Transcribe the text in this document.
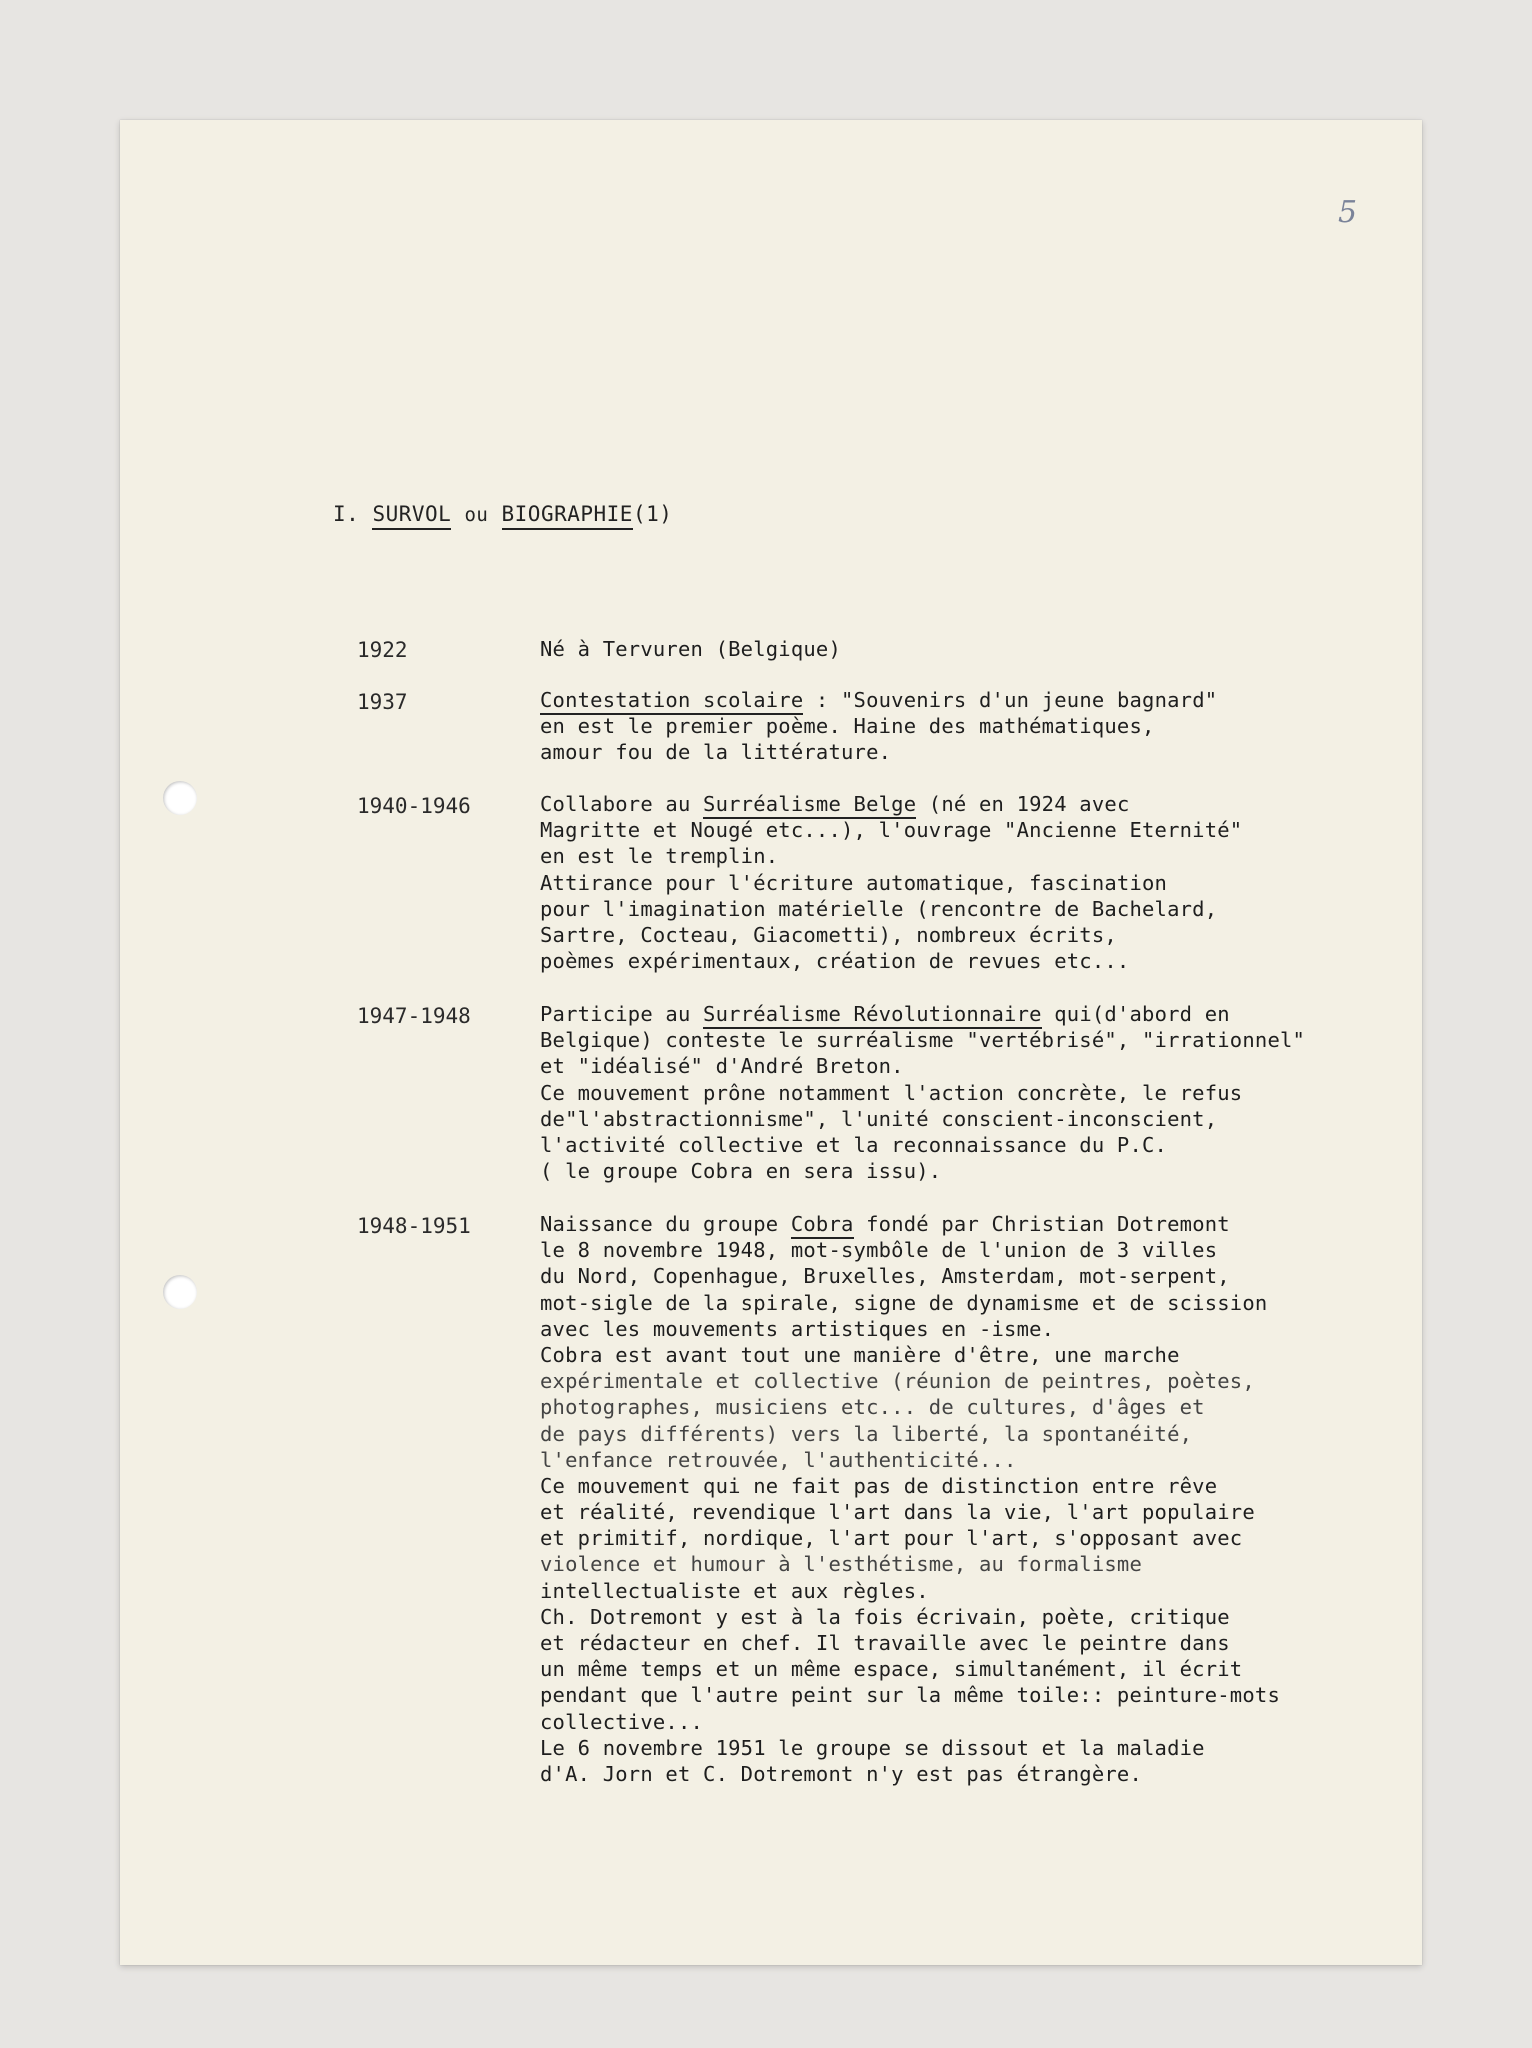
5
I. SURVOL ou BIOGRAPHIE(1)
1922	Né à Tervuren (Belgique)
1937	Contestation scolaire : "Souvenirs d'un jeune bagnard"
en est le premier poème. Haine des mathématiques,
amour fou de la littérature.
1940-1946	Collabore au Surréalisme Belge (né en 1924 avec
Magritte et Nougé etc...), l'ouvrage "Ancienne Eternité"
en est le tremplin.
Attirance pour l'écriture automatique, fascination
pour l'imagination matérielle (rencontre de Bachelard,
Sartre, Cocteau, Giacometti), nombreux écrits,
poèmes expérimentaux, création de revues etc...
1947-1948	Participe au Surréalisme Révolutionnaire qui(d'abord en
Belgique) conteste le surréalisme "vertébrisé", "irrationnel"
et "idéalisé" d'André Breton.
Ce mouvement prône notamment l'action concrète, le refus
de"l'abstractionnisme", l'unité conscient-inconscient,
l'activité collective et la reconnaissance du P.C.
( le groupe Cobra en sera issu).
1948-1951	Naissance du groupe Cobra fondé par Christian Dotremont
le 8 novembre 1948, mot-symbôle de l'union de 3 villes
du Nord, Copenhague, Bruxelles, Amsterdam, mot-serpent,
mot-sigle de la spirale, signe de dynamisme et de scission
avec les mouvements artistiques en -isme.
Cobra est avant tout une manière d'être, une marche
expérimentale et collective (réunion de peintres, poètes,
photographes, musiciens etc... de cultures, d'âges et
de pays différents) vers la liberté, la spontanéité,
l'enfance retrouvée, l'authenticité...
Ce mouvement qui ne fait pas de distinction entre rêve
et réalité, revendique l'art dans la vie, l'art populaire
et primitif, nordique, l'art pour l'art, s'opposant avec
violence et humour à l'esthétisme, au formalisme
intellectualiste et aux règles.
Ch. Dotremont y est à la fois écrivain, poète, critique
et rédacteur en chef. Il travaille avec le peintre dans
un même temps et un même espace, simultanément, il écrit
pendant que l'autre peint sur la même toile:: peinture-mots
collective...
Le 6 novembre 1951 le groupe se dissout et la maladie
d'A. Jorn et C. Dotremont n'y est pas étrangère.
